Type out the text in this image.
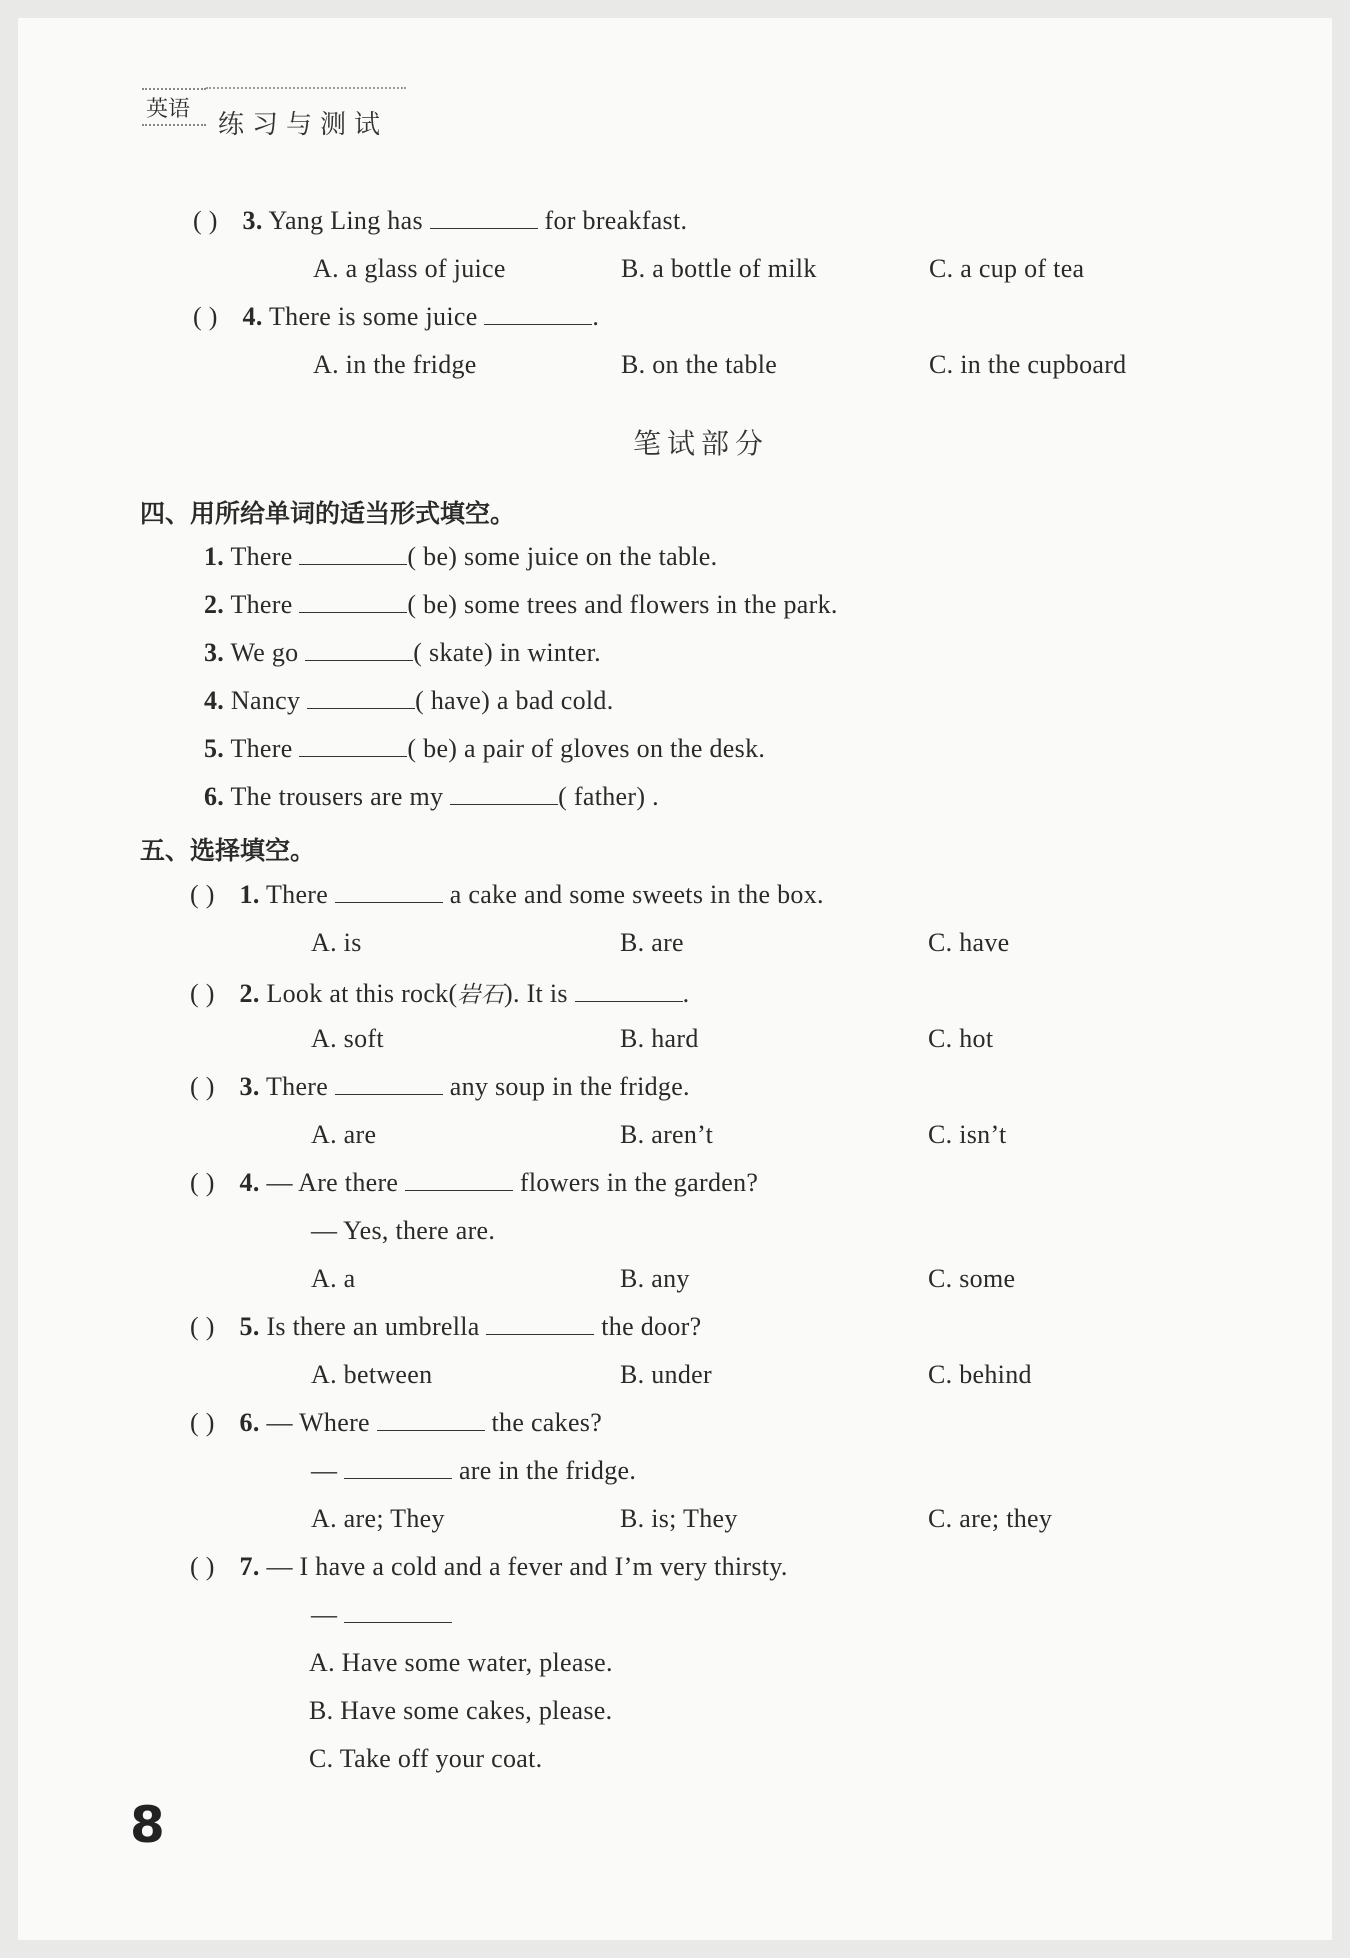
英语
练习与测试
( ) 3. Yang Ling has	for breakfast.
A. a glass of juice	B. a bottle of milk	C. a cup of tea
( ) 4. There is some juice	.
A. in the fridge	B. on the table	C. in the cupboard
笔试部分
四、用所给单词的适当形式填空。
1. There	( be) some juice on the table.
2. There	( be) some trees and flowers in the park.
3. We go	( skate) in winter.
4. Nancy	( have) a bad cold.
5. There	( be) a pair of gloves on the desk.
6. The trousers are my	( father) .
五、选择填空。
( ) 1. There	a cake and some sweets in the box.
A. is	B. are	C. have
( ) 2. Look at this rock(岩石). It is	.
A. soft	B. hard	C. hot
( ) 3. There	any soup in the fridge.
A. are	B. aren’t	C. isn’t
( ) 4. — Are there	flowers in the garden?
— Yes, there are.
A. a	B. any	C. some
( ) 5. Is there an umbrella	the door?
A. between	B. under	C. behind
( ) 6. — Where	the cakes?
—	are in the fridge.
A. are; They	B. is; They	C. are; they
( ) 7. — I have a cold and a fever and I’m very thirsty.
—
A. Have some water, please.
B. Have some cakes, please.
C. Take off your coat.
8
